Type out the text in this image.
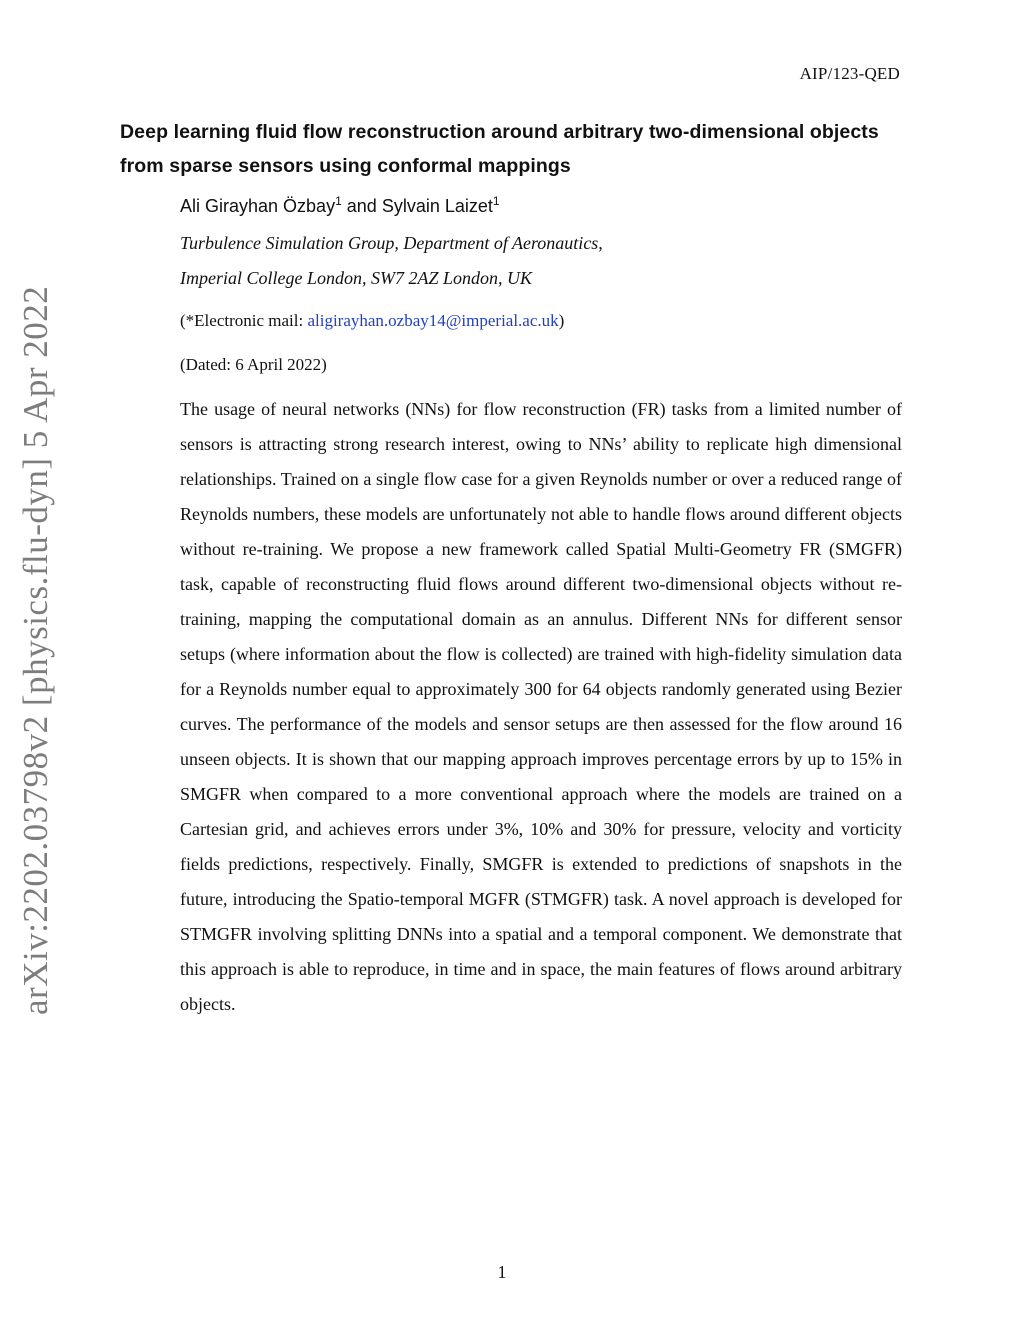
AIP/123-QED
arXiv:2202.03798v2 [physics.flu-dyn] 5 Apr 2022
Deep learning fluid flow reconstruction around arbitrary two-dimensional objects from sparse sensors using conformal mappings
Ali Girayhan Özbay$^1$ and Sylvain Laizet$^1$
Turbulence Simulation Group, Department of Aeronautics,
Imperial College London, SW7 2AZ London, UK
(*Electronic mail: aligirayhan.ozbay14@imperial.ac.uk)
(Dated: 6 April 2022)

The usage of neural networks (NNs) for flow reconstruction (FR) tasks from a limited number of sensors is attracting strong research interest, owing to NNs’ ability to replicate high dimensional relationships. Trained on a single flow case for a given Reynolds number or over a reduced range of Reynolds numbers, these models are unfortunately not able to handle flows around different objects without re-training. We propose a new framework called Spatial Multi-Geometry FR (SMGFR) task, capable of reconstructing fluid flows around different two-dimensional objects without re-training, mapping the computational domain as an annulus. Different NNs for different sensor setups (where information about the flow is collected) are trained with high-fidelity simulation data for a Reynolds number equal to approximately 300 for 64 objects randomly generated using Bezier curves. The performance of the models and sensor setups are then assessed for the flow around 16 unseen objects. It is shown that our mapping approach improves percentage errors by up to 15% in SMGFR when compared to a more conventional approach where the models are trained on a Cartesian grid, and achieves errors under 3%, 10% and 30% for pressure, velocity and vorticity fields predictions, respectively. Finally, SMGFR is extended to predictions of snapshots in the future, introducing the Spatio-temporal MGFR (STMGFR) task. A novel approach is developed for STMGFR involving splitting DNNs into a spatial and a temporal component. We demonstrate that this approach is able to reproduce, in time and in space, the main features of flows around arbitrary objects.

1
